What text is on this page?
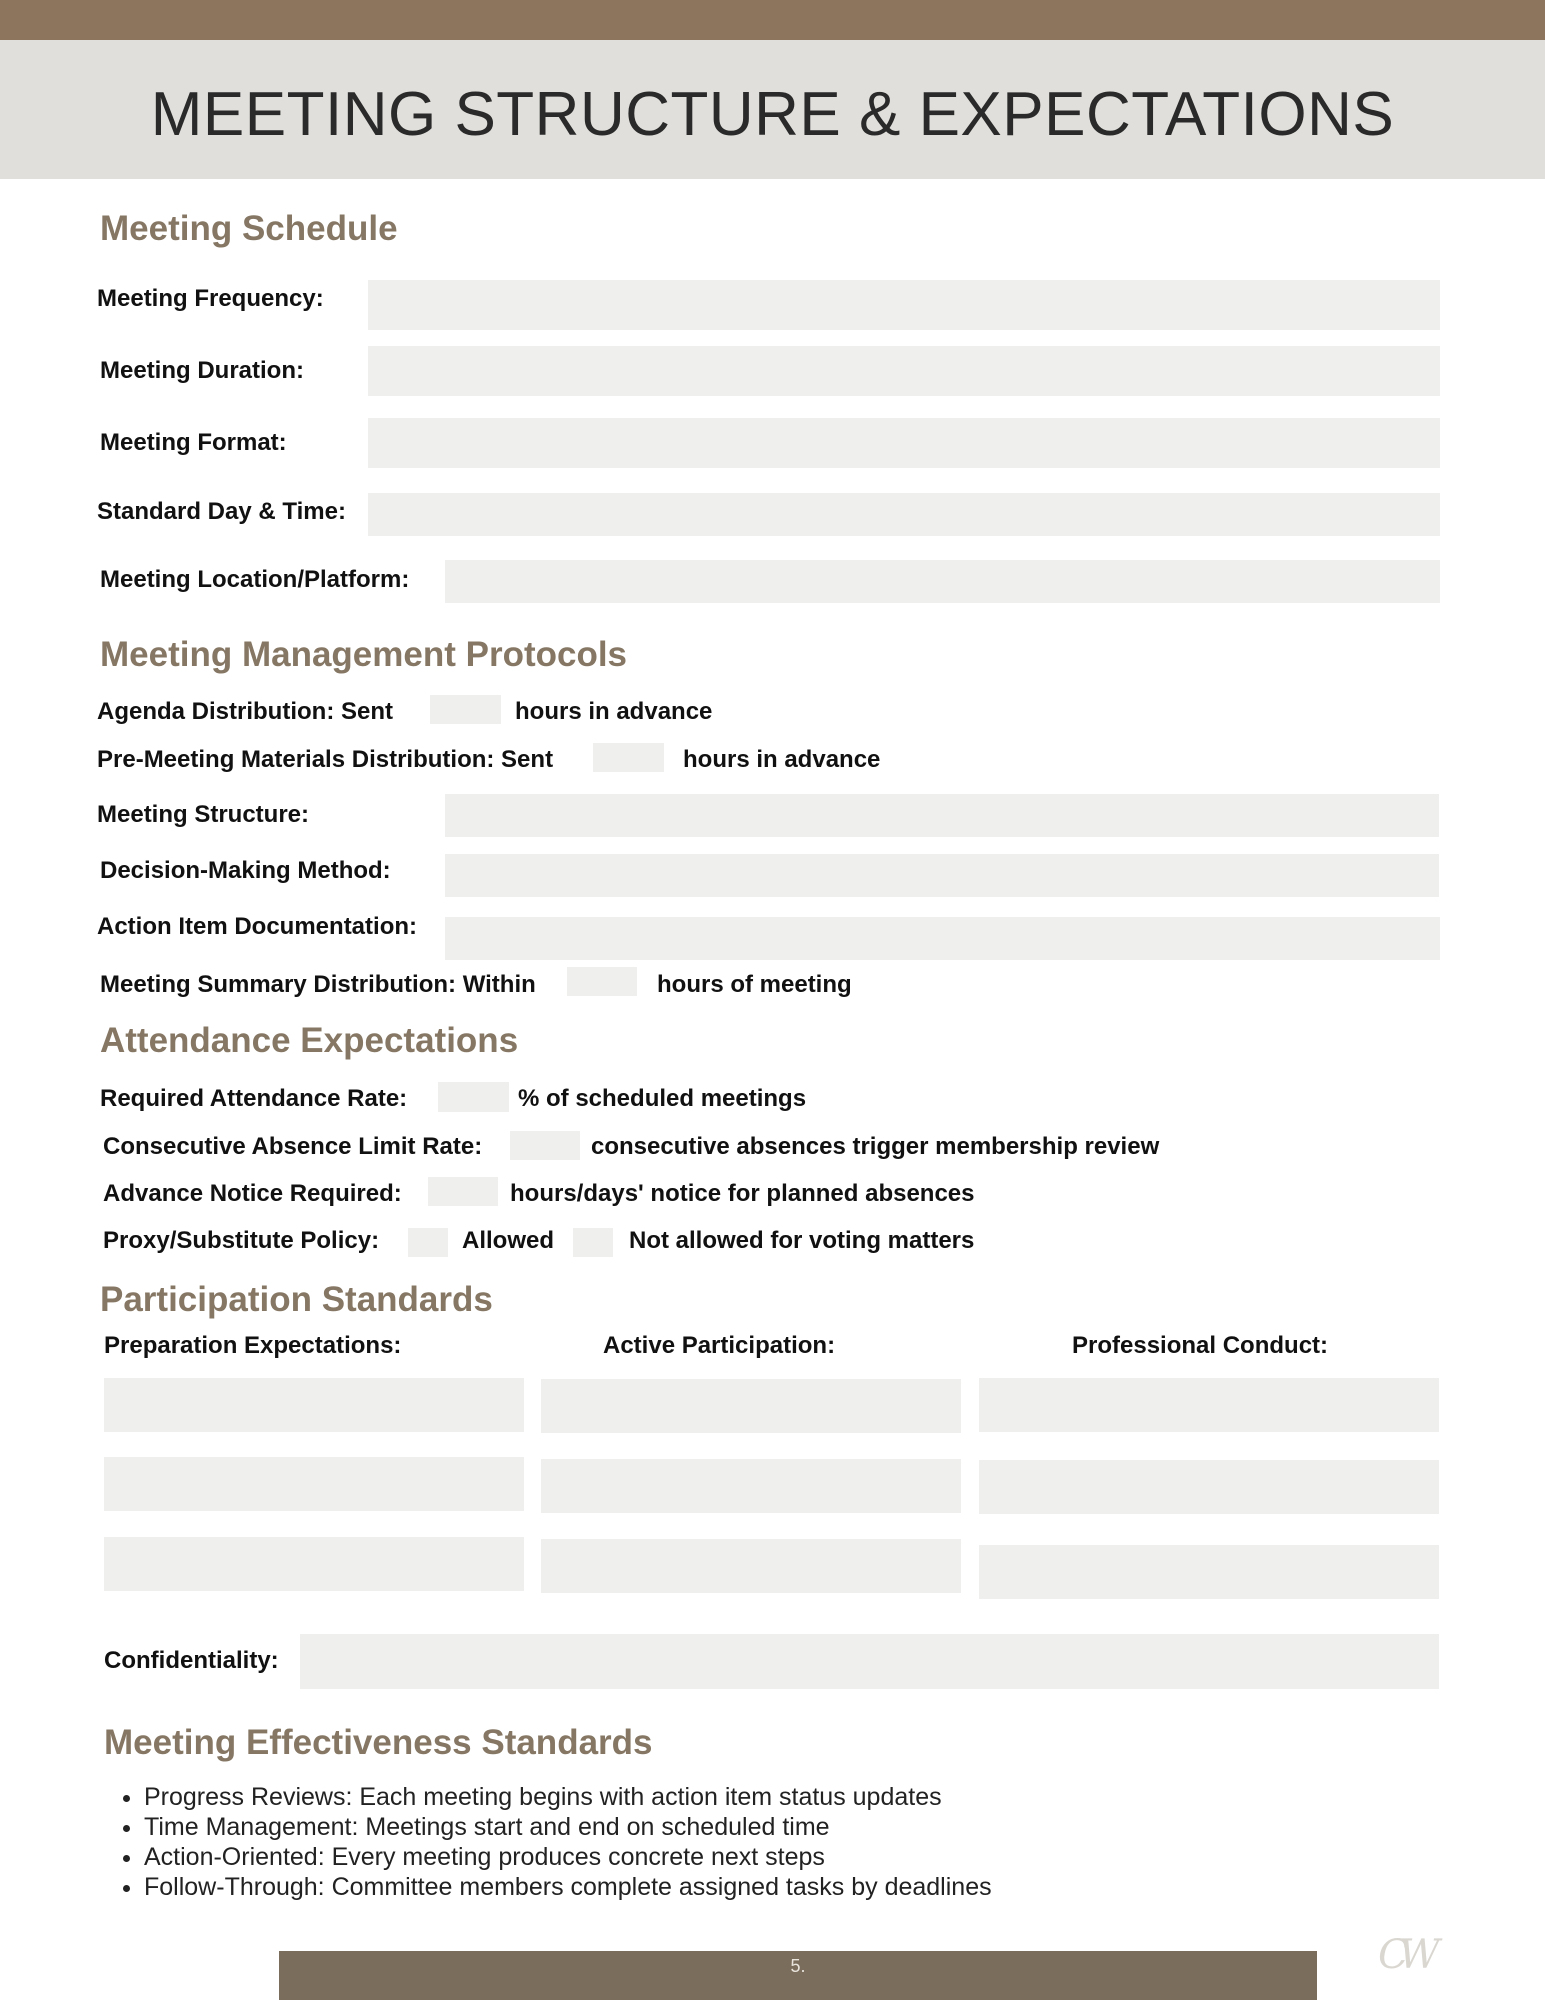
MEETING STRUCTURE & EXPECTATIONS
Meeting Schedule
Meeting Frequency:
Meeting Duration:
Meeting Format:
Standard Day & Time:
Meeting Location/Platform:
Meeting Management Protocols
Agenda Distribution: Sent	hours in advance
Pre-Meeting Materials Distribution: Sent	hours in advance
Meeting Structure:
Decision-Making Method:
Action Item Documentation:
Meeting Summary Distribution: Within	hours of meeting
Attendance Expectations
Required Attendance Rate:	% of scheduled meetings
Consecutive Absence Limit Rate:	consecutive absences trigger membership review
Advance Notice Required:	hours/days' notice for planned absences
Proxy/Substitute Policy:	Allowed	Not allowed for voting matters
Participation Standards
Preparation Expectations:	Active Participation:	Professional Conduct:
Confidentiality:
Meeting Effectiveness Standards
• Progress Reviews: Each meeting begins with action item status updates
• Time Management: Meetings start and end on scheduled time
• Action-Oriented: Every meeting produces concrete next steps
• Follow-Through: Committee members complete assigned tasks by deadlines
5.	CW
